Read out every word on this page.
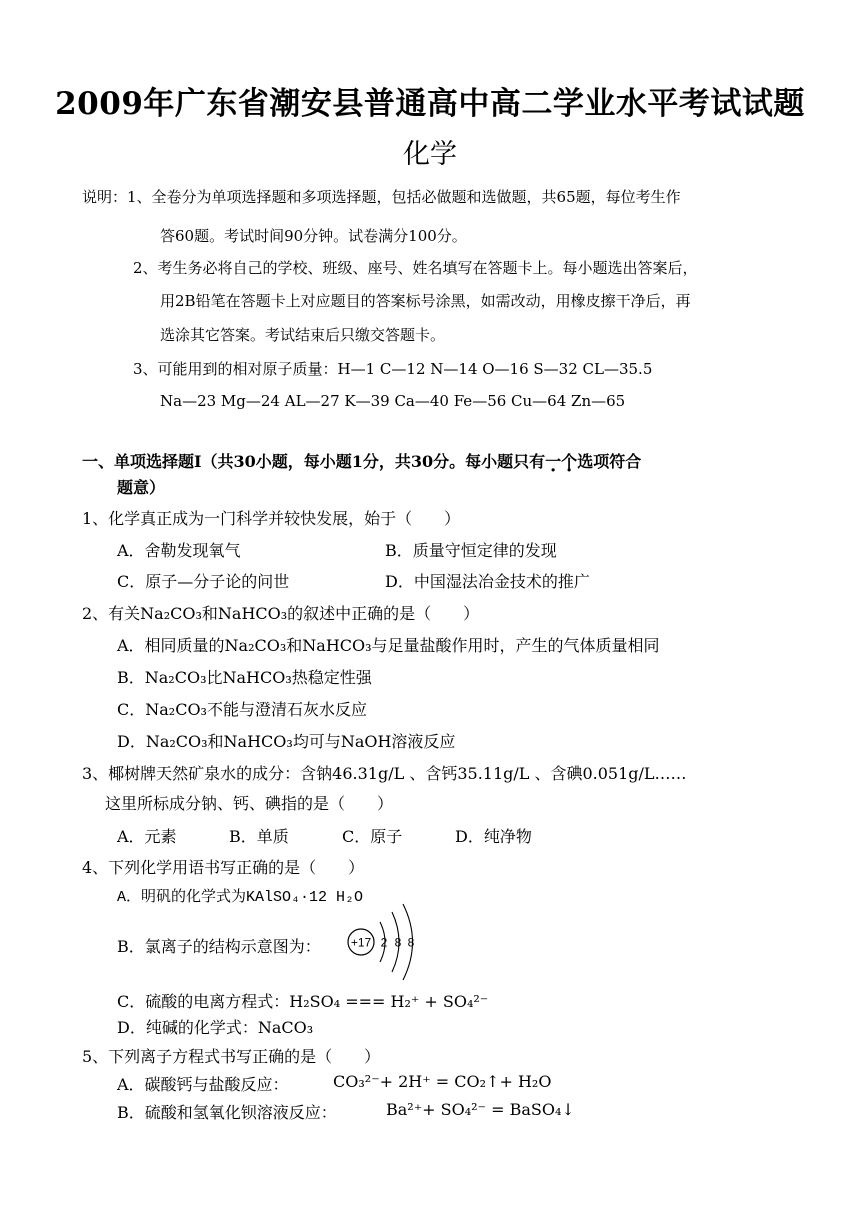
2009年广东省潮安县普通高中高二学业水平考试试题
化学
说明：1、全卷分为单项选择题和多项选择题，包括必做题和选做题，共65题，每位考生作
答60题。考试时间90分钟。试卷满分100分。
2、考生务必将自己的学校、班级、座号、姓名填写在答题卡上。每小题选出答案后，
用2B铅笔在答题卡上对应题目的答案标号涂黑，如需改动，用橡皮擦干净后，再
选涂其它答案。考试结束后只缴交答题卡。
3、可能用到的相对原子质量：H—1 C—12 N—14 O—16 S—32 CL—35.5
Na—23 Mg—24 AL—27 K—39 Ca—40 Fe—56 Cu—64 Zn—65
一、单项选择题Ⅰ（共30小题，每小题1分，共30分。每小题只有一个选项符合
题意）
1、化学真正成为一门科学并较快发展，始于（　　）
A．舍勒发现氧气	B．质量守恒定律的发现
C．原子—分子论的问世	D．中国湿法冶金技术的推广
2、有关Na₂CO₃和NaHCO₃的叙述中正确的是（　　）
A．相同质量的Na₂CO₃和NaHCO₃与足量盐酸作用时，产生的气体质量相同
B．Na₂CO₃比NaHCO₃热稳定性强
C．Na₂CO₃不能与澄清石灰水反应
D．Na₂CO₃和NaHCO₃均可与NaOH溶液反应
3、椰树牌天然矿泉水的成分：含钠46.31g/L 、含钙35.11g/L 、含碘0.051g/L……
这里所标成分钠、钙、碘指的是（　　）
A．元素	B．单质	C．原子	D．纯净物
4、下列化学用语书写正确的是（　　）
A．明矾的化学式为KAlSO₄·12 H₂O
B．氯离子的结构示意图为：	+17 2 8 8
C．硫酸的电离方程式：H₂SO₄ === H₂⁺ + SO₄²⁻
D．纯碱的化学式：NaCO₃
5、下列离子方程式书写正确的是（　　）
A．碳酸钙与盐酸反应：	CO₃²⁻+ 2H⁺ = CO₂↑+ H₂O
B．硫酸和氢氧化钡溶液反应：	Ba²⁺+ SO₄²⁻ = BaSO₄↓
